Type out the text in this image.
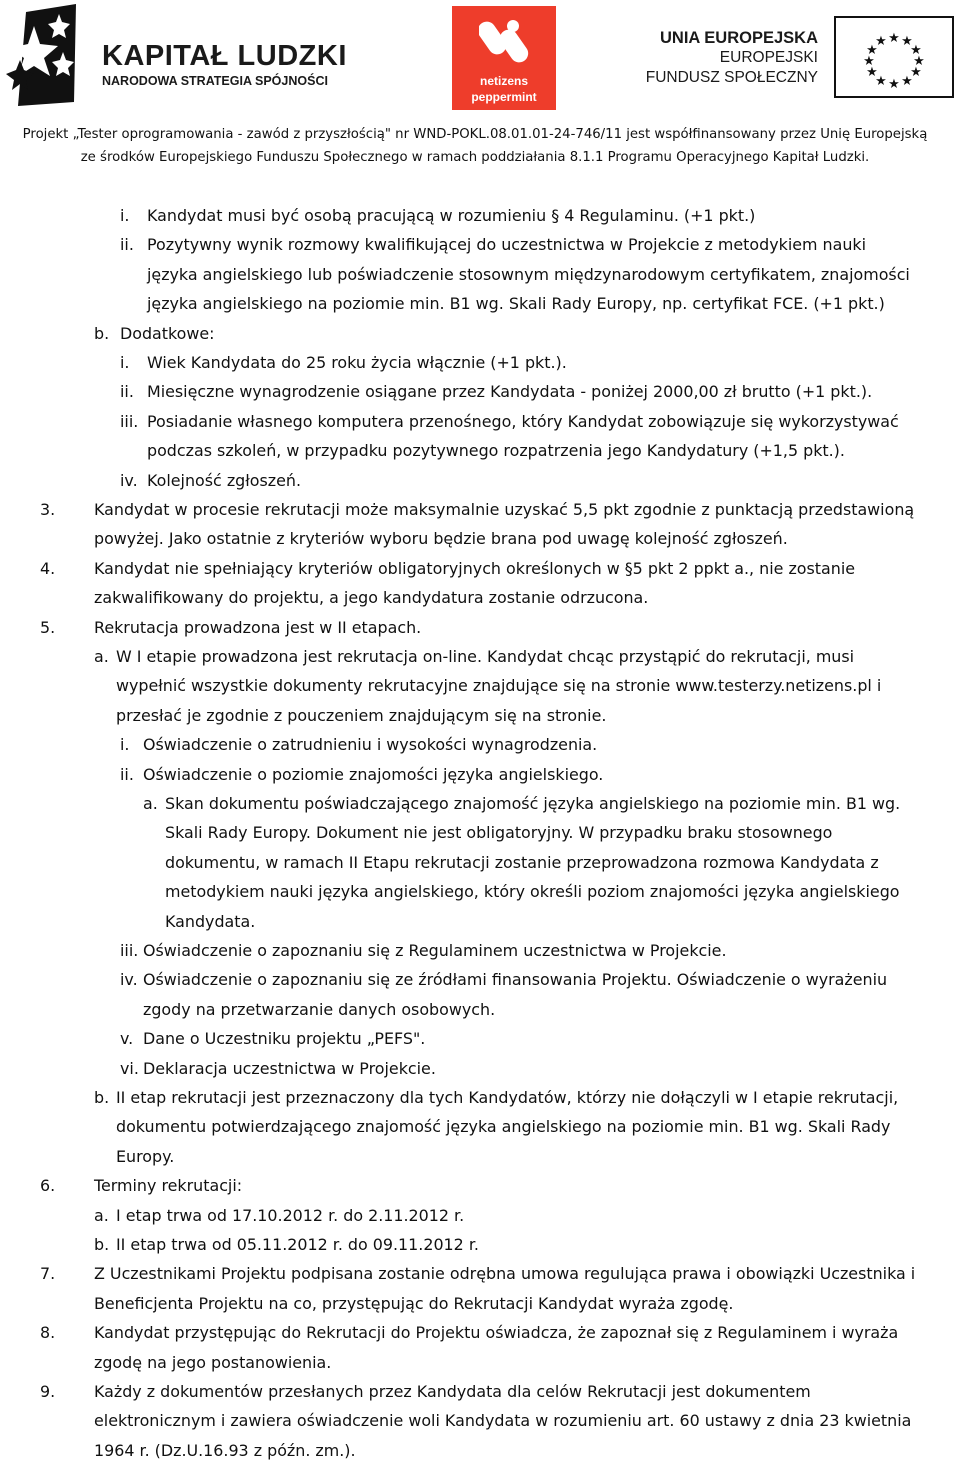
KAPITAŁ LUDZKI
NARODOWA STRATEGIA SPÓJNOŚCI	netizens
peppermint
UNIA EUROPEJSKA
EUROPEJSKI
FUNDUSZ SPOŁECZNY
★ ★
★
★
★
★
★
★
★
★
★
★
Projekt „Tester oprogramowania - zawód z przyszłością" nr WND-POKL.08.01.01-24-746/11 jest współfinansowany przez Unię Europejską
ze środków Europejskiego Funduszu Społecznego w ramach poddziałania 8.1.1 Programu Operacyjnego Kapitał Ludzki.
i. Kandydat musi być osobą pracującą w rozumieniu § 4 Regulaminu. (+1 pkt.)
ii. Pozytywny wynik rozmowy kwalifikującej do uczestnictwa w Projekcie z metodykiem nauki
języka angielskiego lub poświadczenie stosownym międzynarodowym certyfikatem, znajomości
języka angielskiego na poziomie min. B1 wg. Skali Rady Europy, np. certyfikat FCE. (+1 pkt.)
b. Dodatkowe:
i. Wiek Kandydata do 25 roku życia włącznie (+1 pkt.).
ii. Miesięczne wynagrodzenie osiągane przez Kandydata - poniżej 2000,00 zł brutto (+1 pkt.).
iii. Posiadanie własnego komputera przenośnego, który Kandydat zobowiązuje się wykorzystywać
podczas szkoleń, w przypadku pozytywnego rozpatrzenia jego Kandydatury (+1,5 pkt.).
iv. Kolejność zgłoszeń.
3. Kandydat w procesie rekrutacji może maksymalnie uzyskać 5,5 pkt zgodnie z punktacją przedstawioną
powyżej. Jako ostatnie z kryteriów wyboru będzie brana pod uwagę kolejność zgłoszeń.
4. Kandydat nie spełniający kryteriów obligatoryjnych określonych w §5 pkt 2 ppkt a., nie zostanie
zakwalifikowany do projektu, a jego kandydatura zostanie odrzucona.
5. Rekrutacja prowadzona jest w II etapach.
a. W I etapie prowadzona jest rekrutacja on-line. Kandydat chcąc przystąpić do rekrutacji, musi
wypełnić wszystkie dokumenty rekrutacyjne znajdujące się na stronie www.testerzy.netizens.pl i
przesłać je zgodnie z pouczeniem znajdującym się na stronie.
i. Oświadczenie o zatrudnieniu i wysokości wynagrodzenia.
ii. Oświadczenie o poziomie znajomości języka angielskiego.
a. Skan dokumentu poświadczającego znajomość języka angielskiego na poziomie min. B1 wg.
Skali Rady Europy. Dokument nie jest obligatoryjny. W przypadku braku stosownego
dokumentu, w ramach II Etapu rekrutacji zostanie przeprowadzona rozmowa Kandydata z
metodykiem nauki języka angielskiego, który określi poziom znajomości języka angielskiego
Kandydata.
iii. Oświadczenie o zapoznaniu się z Regulaminem uczestnictwa w Projekcie.
iv. Oświadczenie o zapoznaniu się ze źródłami finansowania Projektu. Oświadczenie o wyrażeniu
zgody na przetwarzanie danych osobowych.
v. Dane o Uczestniku projektu „PEFS".
vi. Deklaracja uczestnictwa w Projekcie.
b. II etap rekrutacji jest przeznaczony dla tych Kandydatów, którzy nie dołączyli w I etapie rekrutacji,
dokumentu potwierdzającego znajomość języka angielskiego na poziomie min. B1 wg. Skali Rady
Europy.
6. Terminy rekrutacji:
a. I etap trwa od 17.10.2012 r. do 2.11.2012 r.
b. II etap trwa od 05.11.2012 r. do 09.11.2012 r.
7. Z Uczestnikami Projektu podpisana zostanie odrębna umowa regulująca prawa i obowiązki Uczestnika i
Beneficjenta Projektu na co, przystępując do Rekrutacji Kandydat wyraża zgodę.
8. Kandydat przystępując do Rekrutacji do Projektu oświadcza, że zapoznał się z Regulaminem i wyraża
zgodę na jego postanowienia.
9. Każdy z dokumentów przesłanych przez Kandydata dla celów Rekrutacji jest dokumentem
elektronicznym i zawiera oświadczenie woli Kandydata w rozumieniu art. 60 ustawy z dnia 23 kwietnia
1964 r. (Dz.U.16.93 z późn. zm.).
